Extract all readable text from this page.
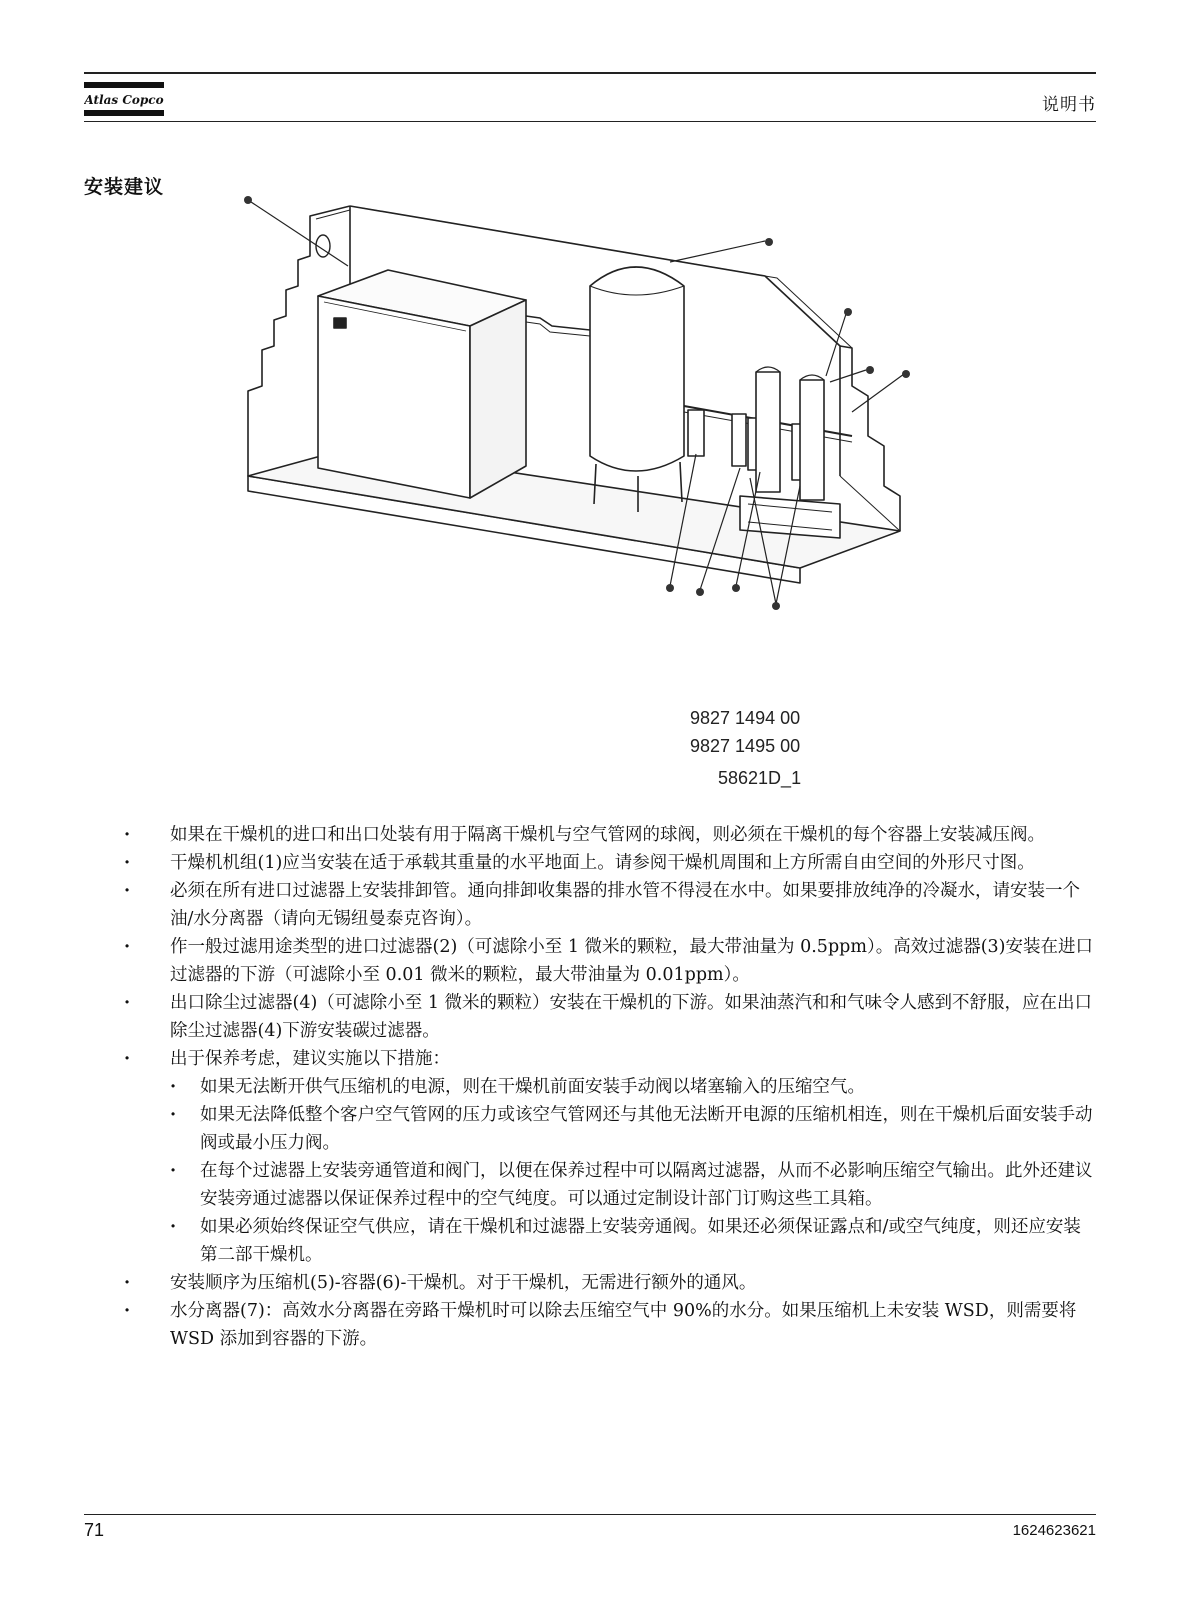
Atlas Copco	说明书
安装建议
9827 1494 00
9827 1495 00
58621D_1
· 如果在干燥机的进口和出口处装有用于隔离干燥机与空气管网的球阀，则必须在干燥机的每个容器上安装减压阀。
· 干燥机机组(1)应当安装在适于承载其重量的水平地面上。请参阅干燥机周围和上方所需自由空间的外形尺寸图。
· 必须在所有进口过滤器上安装排卸管。通向排卸收集器的排水管不得浸在水中。如果要排放纯净的冷凝水，请安装一个油/水分离器（请向无锡纽曼泰克咨询）。
· 作一般过滤用途类型的进口过滤器(2)（可滤除小至 1 微米的颗粒，最大带油量为 0.5ppm）。高效过滤器(3)安装在进口过滤器的下游（可滤除小至 0.01 微米的颗粒，最大带油量为 0.01ppm）。
· 出口除尘过滤器(4)（可滤除小至 1 微米的颗粒）安装在干燥机的下游。如果油蒸汽和和气味令人感到不舒服，应在出口除尘过滤器(4)下游安装碳过滤器。
· 出于保养考虑，建议实施以下措施：
· 如果无法断开供气压缩机的电源，则在干燥机前面安装手动阀以堵塞输入的压缩空气。
· 如果无法降低整个客户空气管网的压力或该空气管网还与其他无法断开电源的压缩机相连，则在干燥机后面安装手动阀或最小压力阀。
· 在每个过滤器上安装旁通管道和阀门，以便在保养过程中可以隔离过滤器，从而不必影响压缩空气输出。此外还建议安装旁通过滤器以保证保养过程中的空气纯度。可以通过定制设计部门订购这些工具箱。
· 如果必须始终保证空气供应，请在干燥机和过滤器上安装旁通阀。如果还必须保证露点和/或空气纯度，则还应安装第二部干燥机。
· 安装顺序为压缩机(5)-容器(6)-干燥机。对于干燥机，无需进行额外的通风。
· 水分离器(7)：高效水分离器在旁路干燥机时可以除去压缩空气中 90%的水分。如果压缩机上未安装 WSD，则需要将 WSD 添加到容器的下游。
71	1624623621
